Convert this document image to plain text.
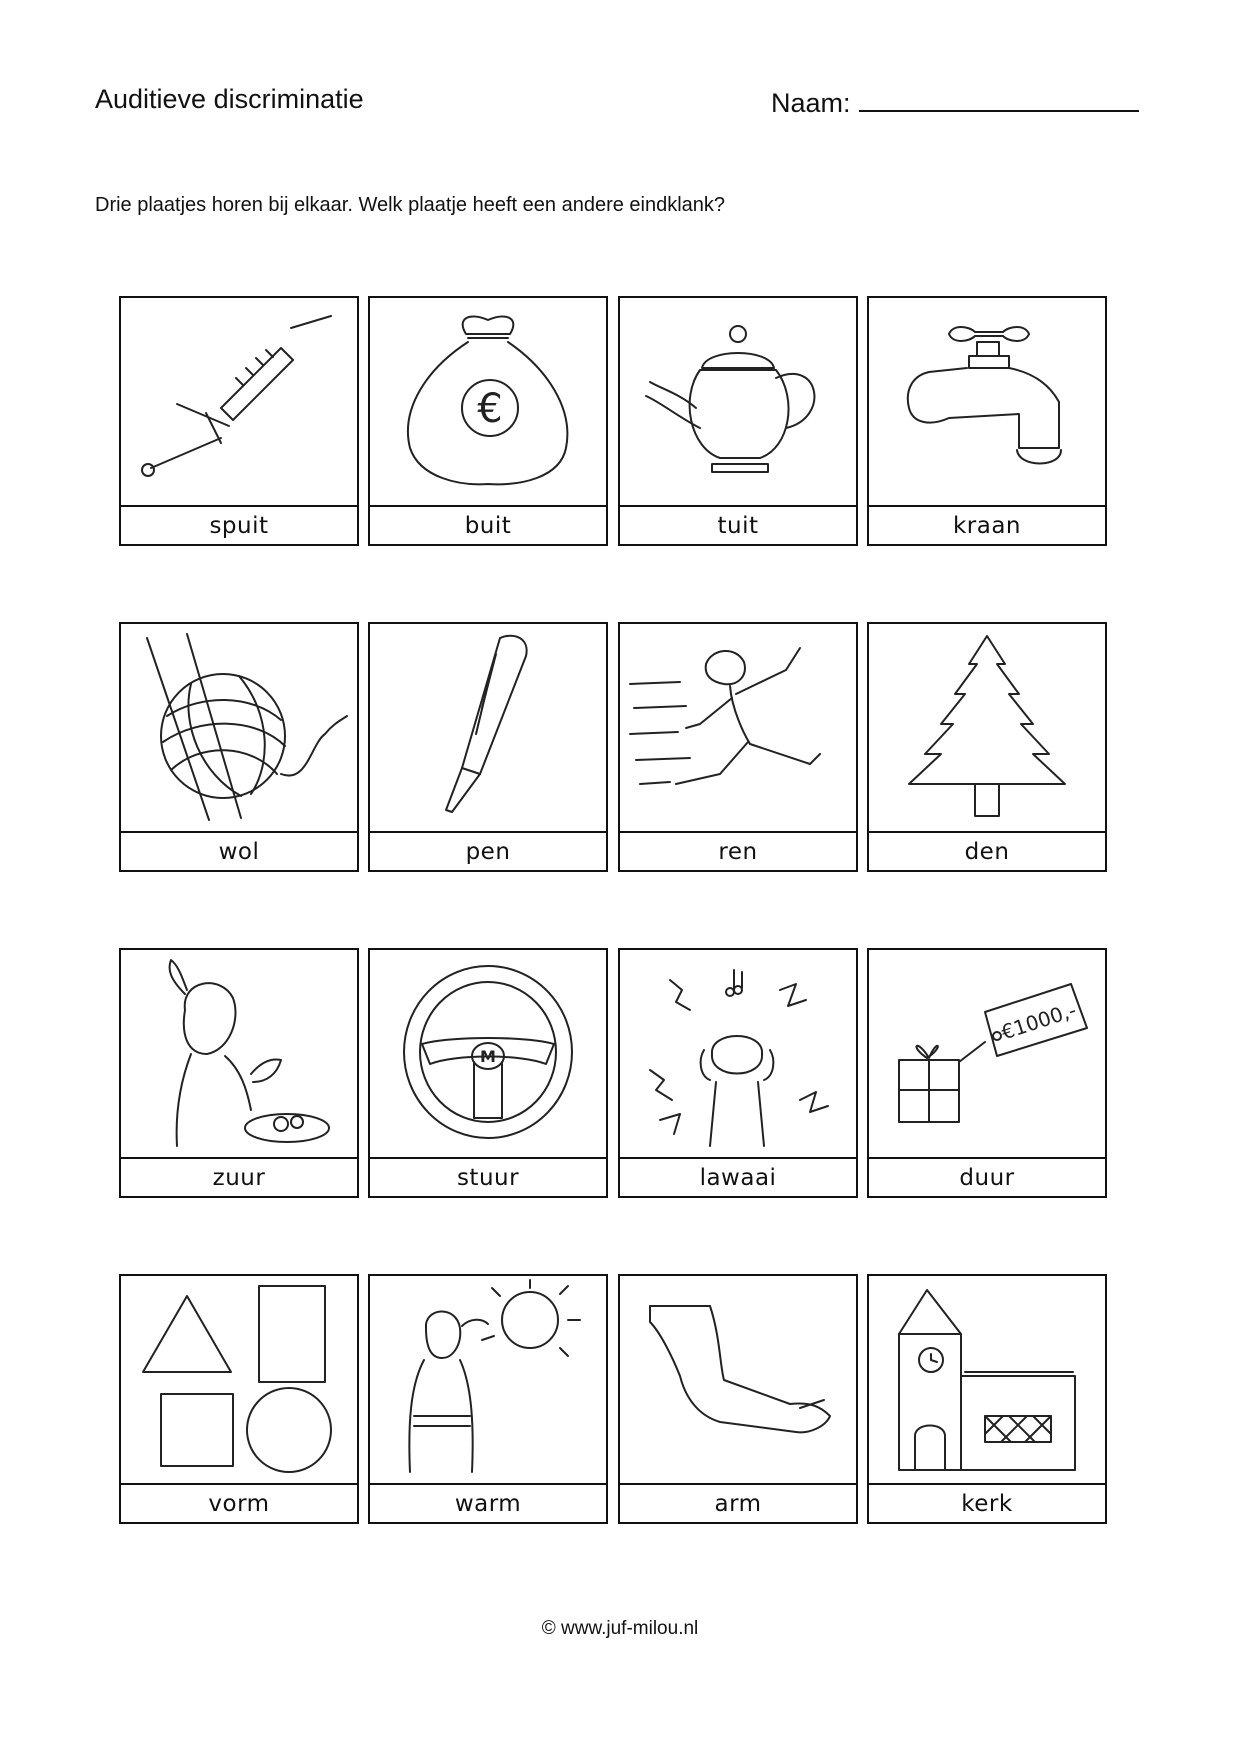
Auditieve discriminatie	Naam:
Drie plaatjes horen bij elkaar. Welk plaatje heeft een andere eindklank?
spuit
€
buit	tuit	kraan
wol	pen	ren	den
zuur
M
stuur	lawaai
€1000,-
duur
vorm	warm	arm	kerk
© www.juf-milou.nl
